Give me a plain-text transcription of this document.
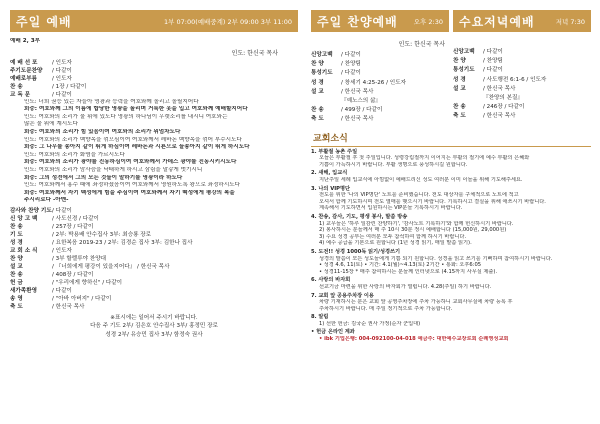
주일 예배	1부 07:00(예배중계) 2부 09:00 3부 11:00
예배 2, 3부
인도: 한신국 목사
예 배 선 포	/ 인도자
주기도문찬양	/ 다같이
예배로부름	/ 인도자
찬 송	/ 1장 / 다같이
교 독 문	/ 다같이
인도: 너희 권능 있는 자들아 영광과 능력을 여호와께 돌리고 돌릴지어다
회중: 여호와께 그의 이름에 합당한 영광을 돌리며 거룩한 옷을 입고 여호와께 예배할지어다
인도: 여호와의 소리가 물 위에 있도다 영광의 하나님이 우렛소리를 내시니 여호와는
많은 물 위에 계시도다
회중: 여호와의 소리가 힘 있음이여 여호와의 소리가 위엄차도다
인도: 여호와의 소리가 백향목을 꺾으심이여 여호와께서 레바논 백향목을 꺾어 부수시도다
회중: 그 나무를 송아지 같이 뛰게 하심이여 레바논과 시룐으로 들송아지 같이 뛰게 하시도다
인도: 여호와의 소리가 화염을 가르시도다
회중: 여호와의 소리가 광야를 진동하심이여 여호와께서 가데스 광야를 진동시키시도다
인도: 여호와의 소리가 암사슴을 낙태하게 하시고 삼림을 말갛게 벗기시니
회중: 그의 성전에서 그의 모든 것들이 말하기를 영광이라 하도다
인도: 여호와께서 홍수 때에 좌정하셨음이여 여호와께서 영원하도록 왕으로 좌정하시도다
회중: 여호와께서 자기 백성에게 힘을 주심이여 여호와께서 자기 백성에게 평강의 복을
주시리로다 -아멘-
감사와 찬양 기도 / 다같이
신 앙 고 백	/ 사도신경 / 다같이
찬 송	/ 257장 / 다같이
기 도	/ 2부: 박용배 안수집사 3부: 최승룡 장로
성 경	/ 요한복음 2019-23 / 2부: 김경순 집사 3부: 김한나 집사
교 회 소 식	/ 인도자
찬 양	/ 3부 할렐루야 찬양대
설 교	/ 『너희에게 평강이 있을지어다』 / 한신국 목사
찬 송	/ 408장 / 다같이
헌 금	/ "우리에게 향하신" / 다같이
새가족환영	/ 다같이
송 영	/ "아바 아버지" / 다같이
축 도	/ 한신국 목사
※표시에는 일어서 주시기 바랍니다.
다음 주 기도 2부/ 김은호 안수집사 3부/ 홍정민 장로
성경 2부/ 유승민 집사 3부/ 함정숙 권사
주일 찬양예배 오후 2:30 수요저녁예배	저녁 7:30
인도: 한신국 목사
신앙고백	/ 다같이
찬 양	/ 찬양팀
통성기도	/ 다같이
성 경	/ 창세기 4:25-26 / 인도자
설 교	/ 한신국 목사
『예노스의 삶』
찬 송	/ 499장 / 다같이
축 도	/ 한신국 목사
신앙고백	/ 다같이
찬 양	/ 찬양팀
통성기도	/ 다같이
성 경	/ 사도행전 6:1-6 / 인도자
설 교	/ 한신국 목사
『찬양의 본질』
찬 송	/ 246장 / 다같이
축 도	/ 한신국 목사
교회소식
1. 부활절 농촌 주일
오늘은 부활절 후 첫 주일입니다. 성령강림절까지 이어지는 부활의 절기에 예수 부활의 은혜와
기쁨이 가득하시기 바랍니다. 부활 생명으로 풍성하시길 원합니다.
2. 새해, 입교식
지난주일 세례 입교식에 아낌없이 예배드리신 성도 여러분 이미 이들을 위해 기도해주세요.
3. 나의 VIP명단
전도를 위한 '나의 VIP명단' 노트를 준비했습니다. 전도 대상자를 구체적으로 노트에 적고
오셔서 함께 기도하시며 전도 열매를 맺으시기 바랍니다. 기록하시고 결실을 위해 애쓰시기 바랍니다.
계속해서 기도하면서 입원하시는 VIP분들 기록하시기 바랍니다.
4. 찬송, 감사, 기도, 평생 봉사, 말씀 방송
1) 교우들은 '하루 일감린 찬양하기', '감사노트 기록하기'와 함께 헌신하시기 바랍니다.
2) 봉사하시는 분들께서 매 주 10시 30분 정시 예배합니다 (15,000원, 29,000원)
3) 수요 성경 공부는 여러분 모두 참석하여 함께 하시기 바랍니다.
4) 예수 공급을 기본으로 원합니다 (1년 성경 읽기, 매일 말씀 읽기).
5. 도전!! 성경 1000독 읽기/성경쓰기
성경의 말씀이 모든 성도들에게 기쁨 되기 원합니다. 성경을 읽고 쓰기를 기뻐하며 참여하시기 바랍니다.
• 성경 4.6, 11(토) • 기간: 4.1(월)~4.13(토) 2기간 • 통화: 오후6:05
• 성경11-15장 * 매주 참여하시는 분들께 인터넷으로 (4.15까지 사무실 제출).
6. 사랑의 바자회
선교기금 마련을 위한 사랑의 바자회가 열립니다. 4.28(주일) 하기 바랍니다.
7. 교회 앞 공용주차장 이용
차량 기재하시는 분은 교회 앞 공영주차장에 주차 가능하니 교회사무실에 차량 등록 후
주차하시기 바랍니다. 매 주일 정기적으로 주차 가능합니다.
8. 알림
1) 선한 헌금: 김국순 권사 가정(순자 군입대)
• 헌금 온라인 계좌
• ibk 기업은행: 004-092100-04-018 예금주: 대한예수교장로회 순례영성교회
